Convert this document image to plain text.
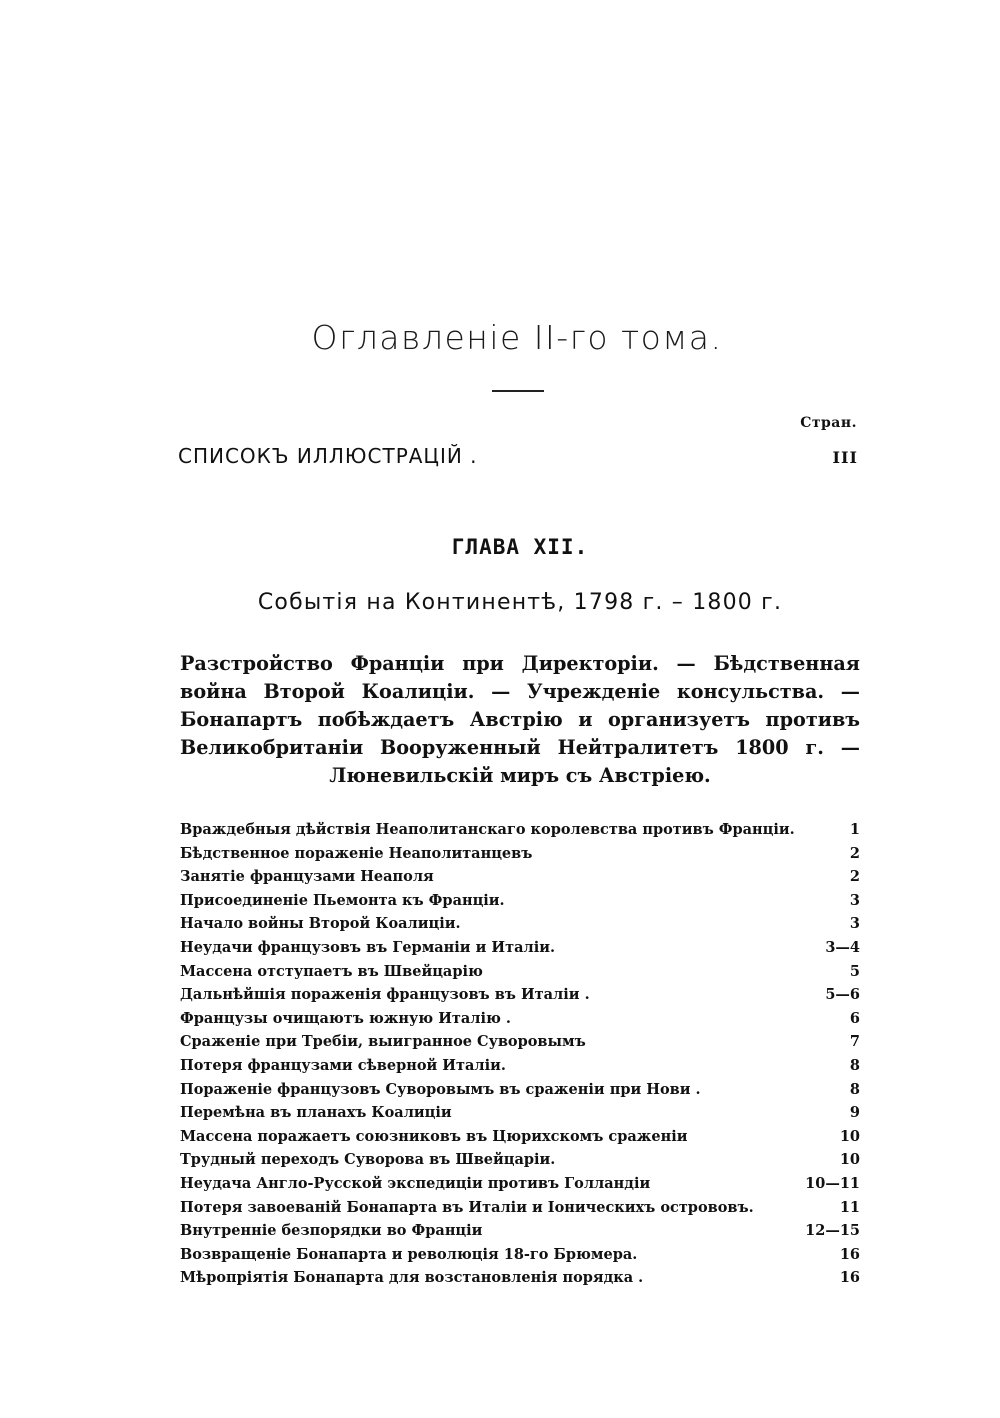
Оглавленіе II-го тома.
Стран.
СПИСОКЪ ИЛЛЮСТРАЦІЙ .	III
ГЛАВА XII.
Событія на Континентѣ, 1798 г. – 1800 г.
Разстройство Франціи при Директоріи. — Бѣдственная война Второй Коалиціи. — Учрежденіе консульства. — Бонапартъ побѣждаетъ Австрію и организуетъ противъ Великобританіи Вооруженный Нейтралитетъ 1800 г. — Люневильскій миръ съ Австріею.
Враждебныя дѣйствія Неаполитанскаго королевства противъ Франціи.	1
Бѣдственное пораженіе Неаполитанцевъ	2
Занятіе французами Неаполя	2
Присоединеніе Пьемонта къ Франціи.	3
Начало войны Второй Коалиціи.	3
Неудачи французовъ въ Германіи и Италіи.	3—4
Массена отступаетъ въ Швейцарію	5
Дальнѣйшія пораженія французовъ въ Италіи .	5—6
Французы очищаютъ южную Италію .	6
Сраженіе при Требіи, выигранное Суворовымъ	7
Потеря французами сѣверной Италіи.	8
Пораженіе французовъ Суворовымъ въ сраженіи при Нови .	8
Перемѣна въ планахъ Коалиціи	9
Массена поражаетъ союзниковъ въ Цюрихскомъ сраженіи	10
Трудный переходъ Суворова въ Швейцаріи.	10
Неудача Англо-Русской экспедиціи противъ Голландіи	10—11
Потеря завоеваній Бонапарта въ Италіи и Іоническихъ острововъ.	11
Внутренніе безпорядки во Франціи	12—15
Возвращеніе Бонапарта и революція 18-го Брюмера.	16
Мѣропріятія Бонапарта для возстановленія порядка .	16
